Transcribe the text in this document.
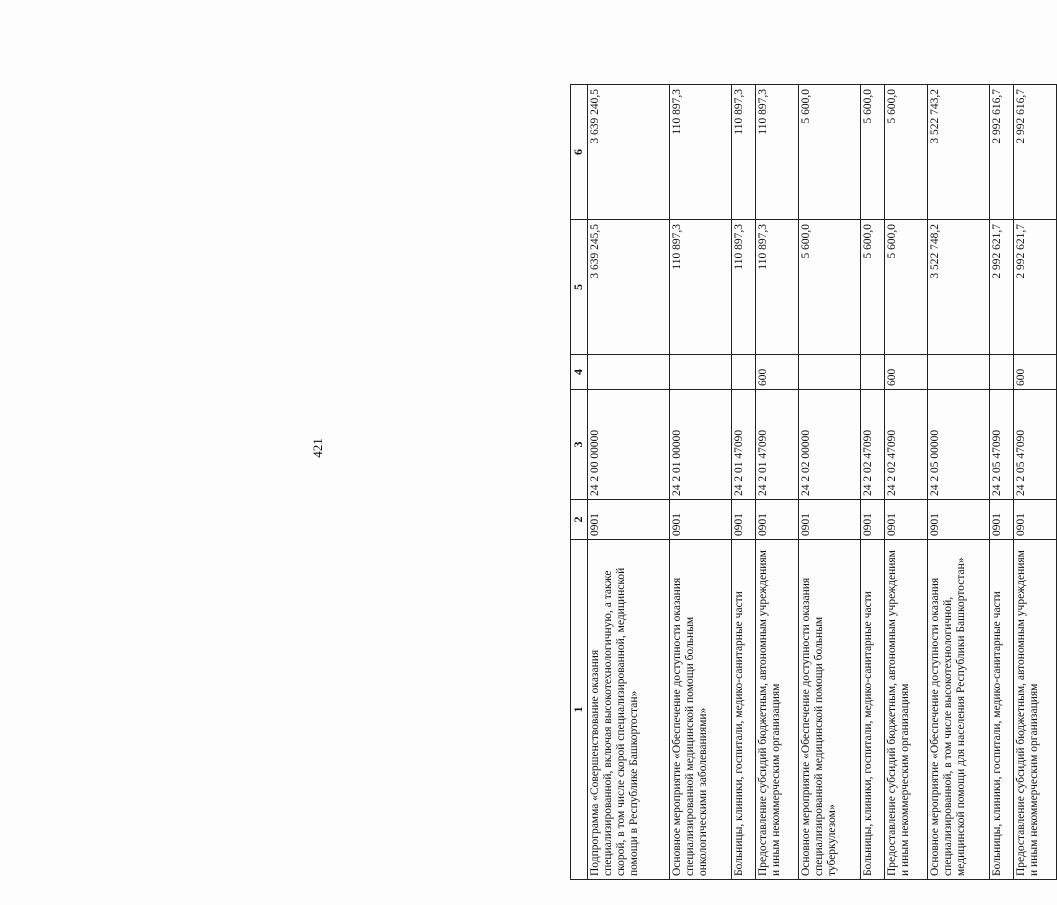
421
1	2	3	4	5	6
Подпрограмма «Совершенствование оказания специализированной, включая высокотехнологичную, а также скорой, в том числе скорой специализированной, медицинской помощи в Республике Башкортостан»	0901	24 2 00 00000		3 639 245,5	3 639 240,5
Основное мероприятие «Обеспечение доступности оказания специализированной медицинской помощи больным онкологическими заболеваниями»	0901	24 2 01 00000		110 897,3	110 897,3
Больницы, клиники, госпитали, медико-санитарные части	0901	24 2 01 47090		110 897,3	110 897,3
Предоставление субсидий бюджетным, автономным учреждениям и иным некоммерческим организациям	0901	24 2 01 47090	600	110 897,3	110 897,3
Основное мероприятие «Обеспечение доступности оказания специализированной медицинской помощи больным туберкулезом»	0901	24 2 02 00000		5 600,0	5 600,0
Больницы, клиники, госпитали, медико-санитарные части	0901	24 2 02 47090		5 600,0	5 600,0
Предоставление субсидий бюджетным, автономным учреждениям и иным некоммерческим организациям	0901	24 2 02 47090	600	5 600,0	5 600,0
Основное мероприятие «Обеспечение доступности оказания специализированной, в том числе высокотехнологичной, медицинской помощи для населения Республики Башкортостан»	0901	24 2 05 00000		3 522 748,2	3 522 743,2
Больницы, клиники, госпитали, медико-санитарные части	0901	24 2 05 47090		2 992 621,7	2 992 616,7
Предоставление субсидий бюджетным, автономным учреждениям и иным некоммерческим организациям	0901	24 2 05 47090	600	2 992 621,7	2 992 616,7
